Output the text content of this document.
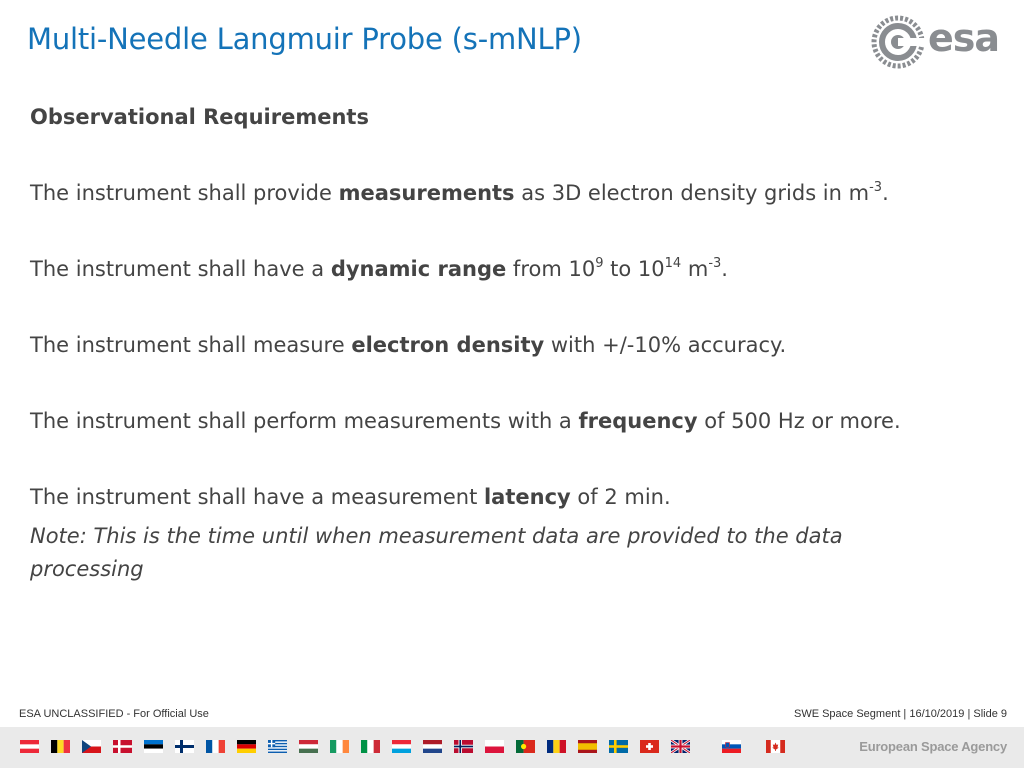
Multi-Needle Langmuir Probe (s-mNLP)	esa
Observational Requirements
The instrument shall provide measurements as 3D electron density grids in $m^{-3}$.
The instrument shall have a dynamic range from $10^9$ to $10^{14}$ $m^{-3}$.
The instrument shall measure electron density with +/-10% accuracy.
The instrument shall perform measurements with a frequency of 500 Hz or more.
The instrument shall have a measurement latency of 2 min.
Note: This is the time until when measurement data are provided to the data processing
ESA UNCLASSIFIED - For Official Use	SWE Space Segment | 16/10/2019 | Slide 9
European Space Agency
